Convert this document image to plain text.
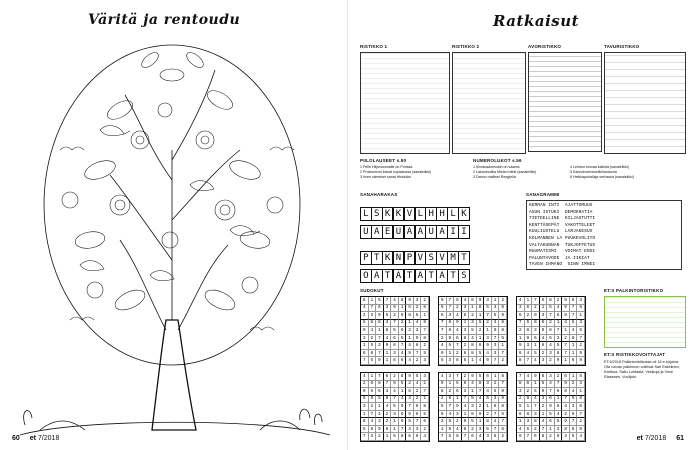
Väritä ja rentoudu
60 et 7/2018
Ratkaisut
RISTIKKO 1	RISTIKKO 2	AVORISTIKKO	TAVURISTIKKO
PIILOLAUSEET s.50
1 Pelle Hiljovuonnalle on Porissa
2 Prolesnirvel kissat nuplakossa (sanalelikki)
3 Irven viimeiset sanat Hirsistän
NUMEROLUKOT s.56
1 Kimasaammokin on vaarea
2 Lakanevallia Mielen hähti (sanalelikki)
3 Danon mailiset Reagiella
4 Lehdon korvaa kalliota (sanalelikki)
5 Kannohoemislelikihaolauna
6 Heikkapuhallaja verhassa (sanalelikki)
SANAHARAKAS
L S K K V L H H L K
U A E U A A U A I I
P T K N P V S V M T
O A T A T A T A T S
SANAGRAMMI
KERRAN INTI  AJATTOMUUS
ASUN ISTUKI  DEMOKRATIA
TIETEELLINE  KILJASTUTTI
KENTTÄSEPÄT  VAKOTTELEET
KUULIUSTELU  LARJAKESUS
KOLMANNEN LA PUUKEVOLIYO
VALTAKUNNAN  TUKJOFFETUS
RUUMATISMI   VOIMAT ENSI
PALUNTAVOOE  JA IIKIAT
TAVEN IHMANO  SINN IMNEI
SUDOKUT
8	1	5	7	4	8	9	3	2
4	7	6	3	9	1	5	2	8
2	3	9	5	2	6	8	6	1
5	6	8	3	7	2	1	4	9
9	4	1	8	5	6	2	3	7
3	2	7	4	6	5	1	9	8
1	5	3	9	8	7	4	6	2
6	8	7	1	3	4	9	7	5
7	5	9	1	8	6	4	2	3
9	7	5	4	6	9	3	1	2
6	7	2	3	1	8	5	4	6
6	3	4	8	2	1	7	5	9
7	6	9	1	3	5	2	4	8
7	6	4	3	5	2	1	9	8
2	9	6	8	4	1	3	7	5
4	5	7	2	8	6	9	3	1
9	1	2	6	8	5	4	3	7
5	3	8	6	1	4	9	7	2
4	1	7	5	8	2	9	6	3
3	6	2	1	5	4	9	7	8
5	2	9	3	7	6	8	7	1
7	5	8	6	2	1	4	5	3
2	8	3	9	6	7	1	4	5
1	9	6	4	5	3	2	8	7
9	3	1	6	4	5	7	1	2
6	4	5	2	3	8	7	1	9
8	7	4	3	2	9	1	6	9
4	1	7	6	2	8	9	5	3
2	6	8	7	9	5	2	4	1
9	5	6	3	4	1	8	2	7
6	9	5	8	7	4	3	2	1
3	2	1	4	5	9	7	6	8
1	7	4	2	3	6	9	8	5
8	4	3	2	1	9	5	7	6
5	8	9	6	1	7	4	3	2
7	3	2	1	5	8	6	9	4
4	3	7	2	9	5	6	1	8
9	1	5	6	4	8	3	2	7
8	2	6	3	1	7	4	5	9
2	8	1	7	5	4	6	3	9
5	7	9	4	3	2	1	6	8
6	4	3	1	8	9	2	7	5
3	6	2	9	5	1	8	4	7
1	9	4	8	2	3	5	7	6
7	5	8	7	6	4	3	8	2
7	4	9	8	3	2	6	1	5
8	6	1	5	4	7	9	2	3
3	2	5	9	7	6	8	4	1
2	9	4	3	6	1	7	5	8
5	1	7	2	9	8	4	3	6
6	8	3	1	5	4	2	9	7
1	3	8	4	6	5	9	7	2
4	5	2	7	1	3	8	6	9
9	7	6	8	2	9	3	5	4
ET:S PALKINTORISTIKKO
ET:S RISTIKKOVOITTAJAT
ET:5/2018 Palkintoristikossa oli 15 e-kirjaina. Ofa voivan palkinnon voittivat Sari Eskelinen, Karttula, Sallu Luhtaala, Vesikoja ja Virve Riasanen, Vuolijoki.
et 7/2018 61
